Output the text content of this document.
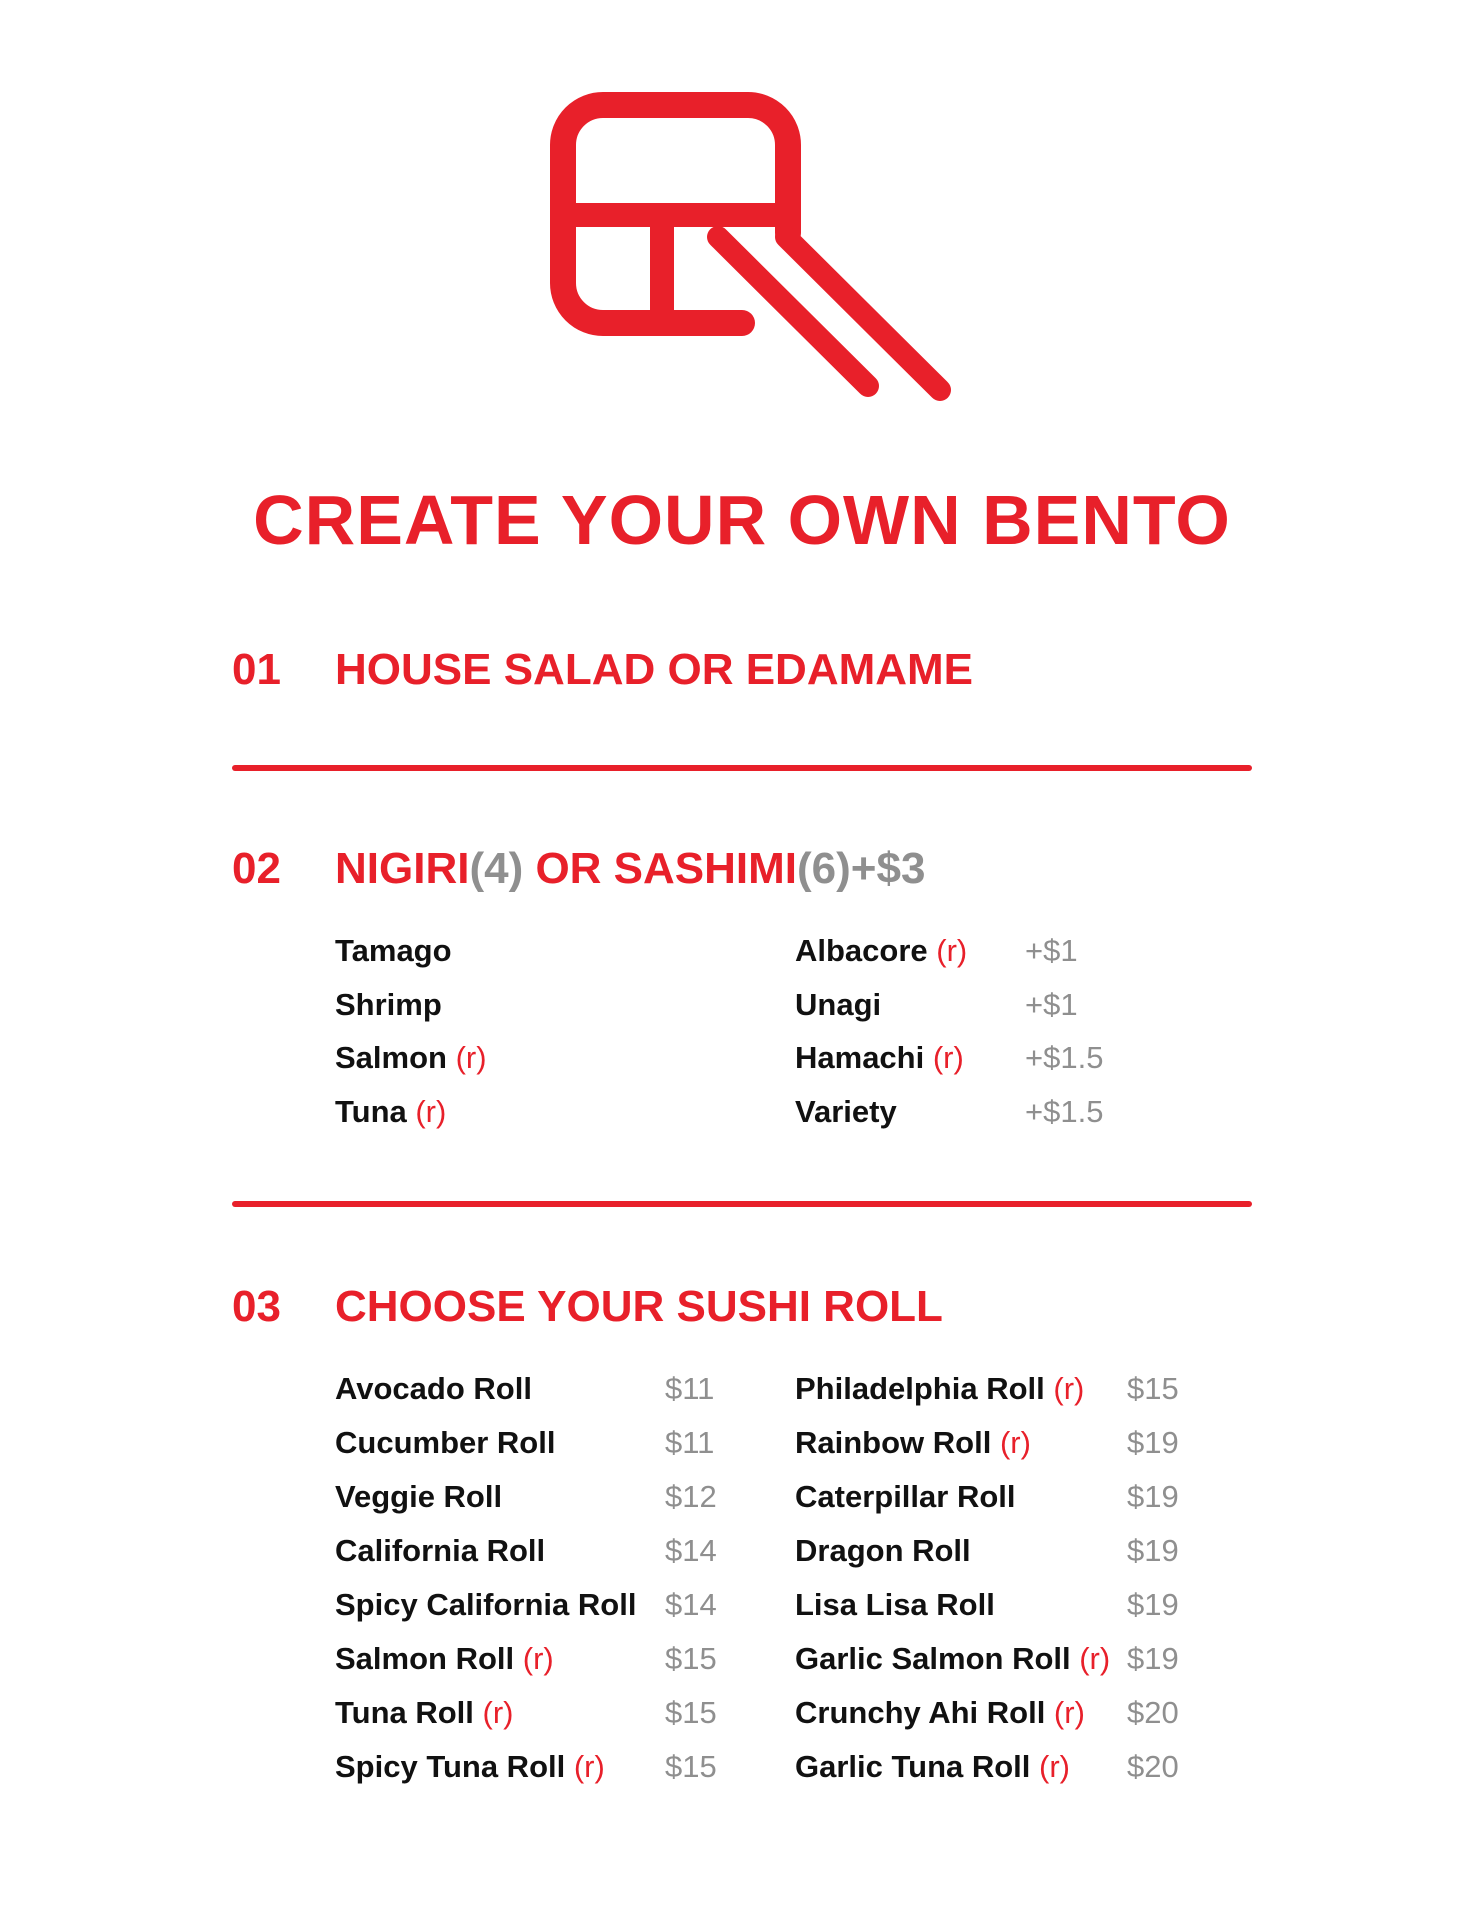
CREATE YOUR OWN BENTO
01 HOUSE SALAD OR EDAMAME
02 NIGIRI(4) OR SASHIMI(6)+$3
Tamago
Shrimp
Salmon (r)
Tuna (r)
Albacore (r) +$1
Unagi	+$1
Hamachi (r) +$1.5
Variety	+$1.5
03 CHOOSE YOUR SUSHI ROLL
Avocado Roll	$11
Cucumber Roll	$11
Veggie Roll	$12
California Roll	$14
Spicy California Roll $14
Salmon Roll (r)	$15
Tuna Roll (r)	$15
Spicy Tuna Roll (r) $15
Philadelphia Roll (r) $15
Rainbow Roll (r)	$19
Caterpillar Roll	$19
Dragon Roll	$19
Lisa Lisa Roll	$19
Garlic Salmon Roll (r) $19
Crunchy Ahi Roll (r) $20
Garlic Tuna Roll (r) $20
